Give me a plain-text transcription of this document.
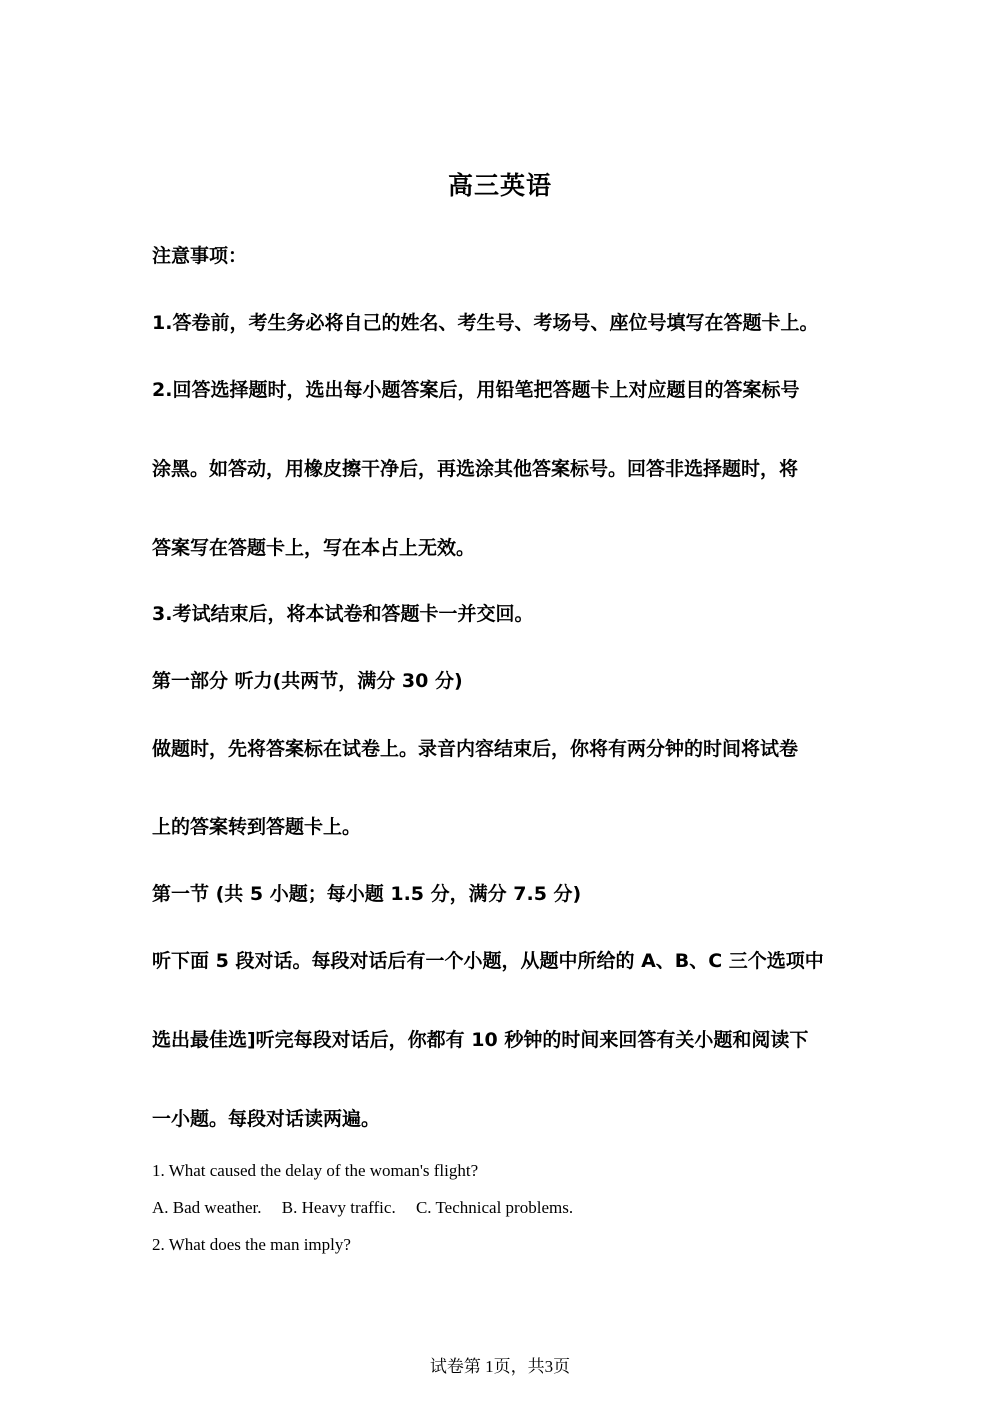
高三英语
注意事项：
1.答卷前，考生务必将自己的姓名、考生号、考场号、座位号填写在答题卡上。
2.回答选择题时，选出每小题答案后，用铅笔把答题卡上对应题目的答案标号
涂黑。如答动，用橡皮擦干净后，再选涂其他答案标号。回答非选择题时，将
答案写在答题卡上，写在本占上无效。
3.考试结束后，将本试卷和答题卡一并交回。
第一部分 听力(共两节，满分 30 分)
做题时，先将答案标在试卷上。录音内容结束后，你将有两分钟的时间将试卷
上的答案转到答题卡上。
第一节 (共 5 小题；每小题 1.5 分，满分 7.5 分)
听下面 5 段对话。每段对话后有一个小题，从题中所给的 A、B、C 三个选项中
选出最佳选]听完每段对话后，你都有 10 秒钟的时间来回答有关小题和阅读下
一小题。每段对话读两遍。
1. What caused the delay of the woman's flight?
A. Bad weather. B. Heavy traffic. C. Technical problems.
2. What does the man imply?
试卷第 1页，共3页
